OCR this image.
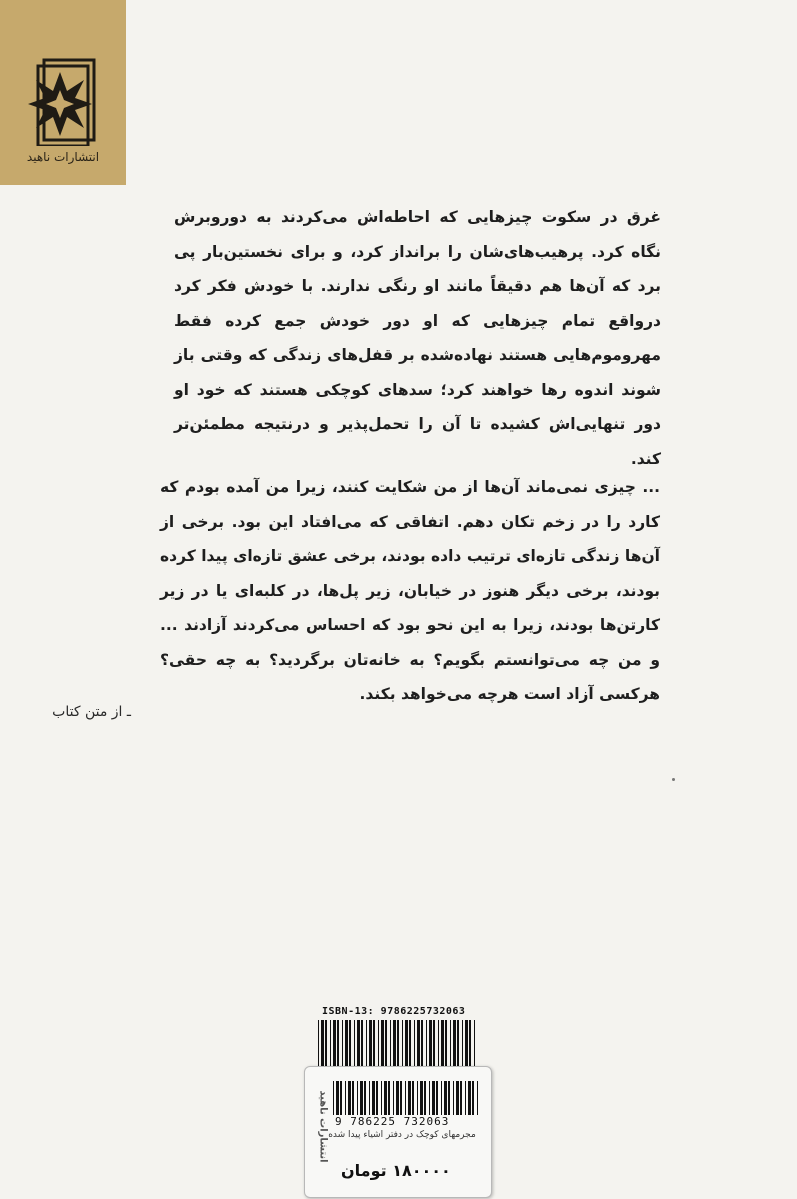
انتشارات ناهید
غرق در سکوت چیزهایی که احاطه‌اش می‌کردند به دوروبرش نگاه کرد. پرهیب‌های‌شان را برانداز کرد، و برای نخستین‌بار پی برد که آن‌ها هم دقیقاً مانند او رنگی ندارند. با خودش فکر کرد درواقع تمام چیزهایی که او دور خودش جمع کرده فقط مهروموم‌هایی هستند نهاده‌شده بر قفل‌های زندگی که وقتی باز شوند اندوه رها خواهند کرد؛ سدهای کوچکی هستند که خود او دور تنهایی‌اش کشیده تا آن را تحمل‌پذیر و درنتیجه مطمئن‌تر کند.
... چیزی نمی‌ماند آن‌ها از من شکایت کنند، زیرا من آمده بودم که کارد را در زخم تکان دهم. اتفاقی که می‌افتاد این بود. برخی از آن‌ها زندگی تازه‌ای ترتیب داده بودند، برخی عشق تازه‌ای پیدا کرده بودند، برخی دیگر هنوز در خیابان، زیر پل‌ها، در کلبه‌ای یا در زیر کارتن‌ها بودند، زیرا به این نحو بود که احساس می‌کردند آزادند ... و من چه می‌توانستم بگویم؟ به خانه‌تان برگردید؟ به چه حقی؟ هرکسی آزاد است هرچه می‌خواهد بکند.
ـ از متن کتاب
ISBN-13: 9786225732063
انتشارات ناهید 9 786225 732063
مجرمهای کوچک در دفتر اشیاء پیدا شده
۱۸۰۰۰۰ تومان
